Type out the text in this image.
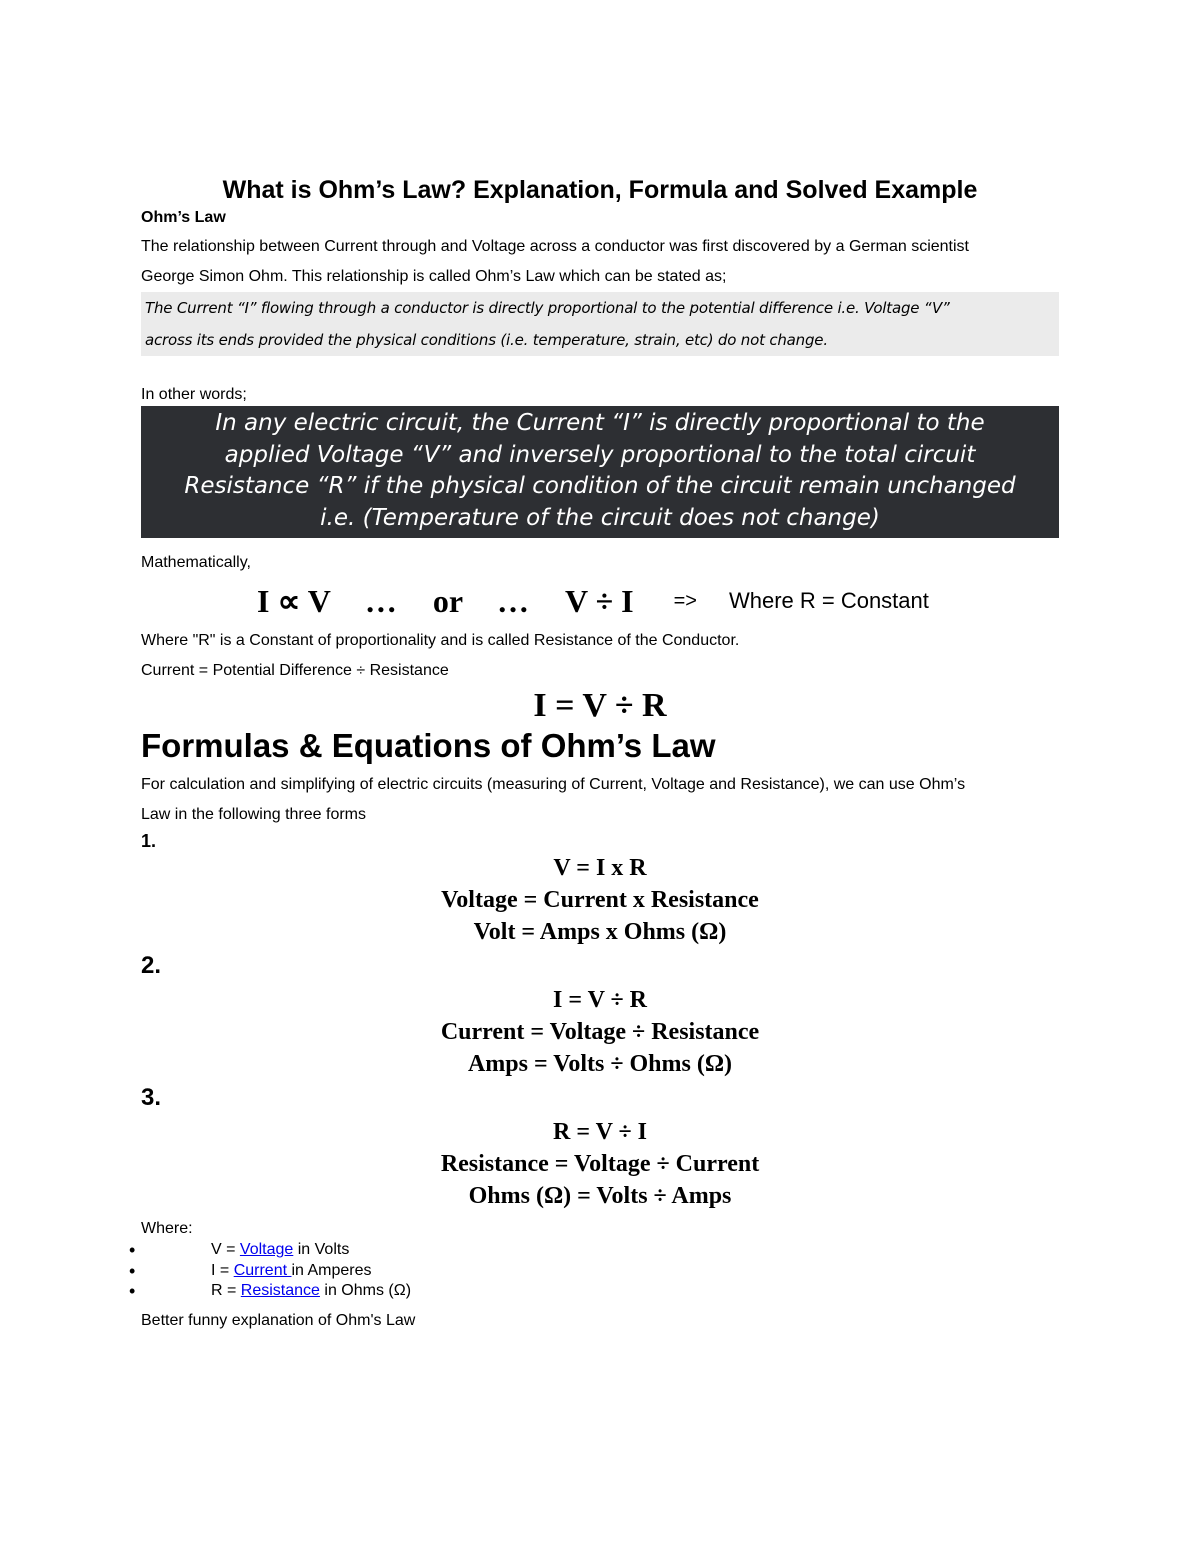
What is Ohm’s Law? Explanation, Formula and Solved Example

Ohm’s Law

The relationship between Current through and Voltage across a conductor was first discovered by a German scientist

George Simon Ohm. This relationship is called Ohm’s Law which can be stated as;

The Current “I” flowing through a conductor is directly proportional to the potential difference i.e. Voltage “V”
across its ends provided the physical conditions (i.e. temperature, strain, etc) do not change.

In other words;

In any electric circuit, the Current “I” is directly proportional to the
applied Voltage “V” and inversely proportional to the total circuit
Resistance “R” if the physical condition of the circuit remain unchanged
i.e. (Temperature of the circuit does not change)

Mathematically,

I ∝ V … or … V ÷ I => Where R = Constant

Where "R" is a Constant of proportionality and is called Resistance of the Conductor.

Current = Potential Difference ÷ Resistance

I = V ÷ R

Formulas & Equations of Ohm’s Law

For calculation and simplifying of electric circuits (measuring of Current, Voltage and Resistance), we can use Ohm’s

Law in the following three forms

1.

V = I x R

Voltage = Current x Resistance

Volt = Amps x Ohms (Ω)

2.

I = V ÷ R

Current = Voltage ÷ Resistance

Amps = Volts ÷ Ohms (Ω)

3.

R = V ÷ I

Resistance = Voltage ÷ Current

Ohms (Ω) = Volts ÷ Amps

Where:

•	V = Voltage in Volts
•	I = Current in Amperes
•	R = Resistance in Ohms (Ω)

Better funny explanation of Ohm's Law
